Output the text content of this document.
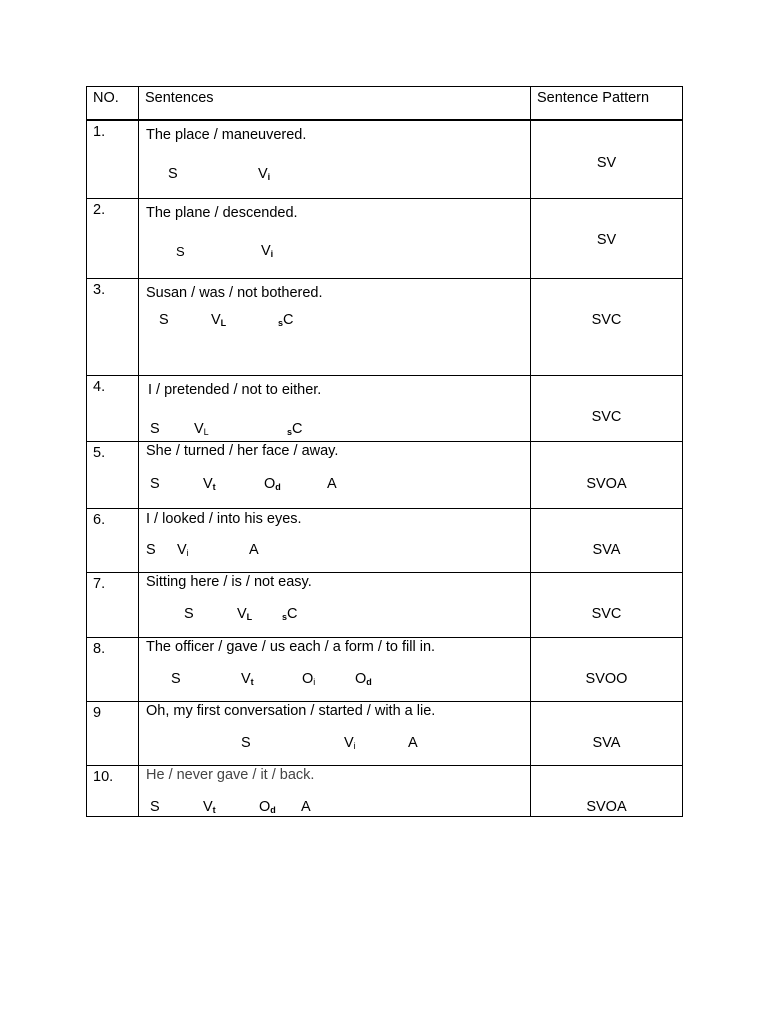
NO.	Sentences	Sentence Pattern

1.	The place / maneuvered.
S $V_i$	SV

2.	The plane / descended.
S $V_i$	SV

3.	Susan / was / not bothered.
S $V_L$ sC	SVC

4.	I / pretended / not to either.
S $V_L$ sC	SVC

5.	She / turned / her face / away.
S $V_t$ $O_d$ A	SVOA

6.	I / looked / into his eyes.
S $V_i$ A	SVA

7.	Sitting here / is / not easy.
S $V_L$ sC	SVC

8.	The officer / gave / us each / a form / to fill in.
S $V_t$ $O_i$ $O_d$	SVOO

9	Oh, my first conversation / started / with a lie.
S $V_i$ A	SVA

10.	He / never gave / it / back.
S $V_t$ $O_d$ A	SVOA
